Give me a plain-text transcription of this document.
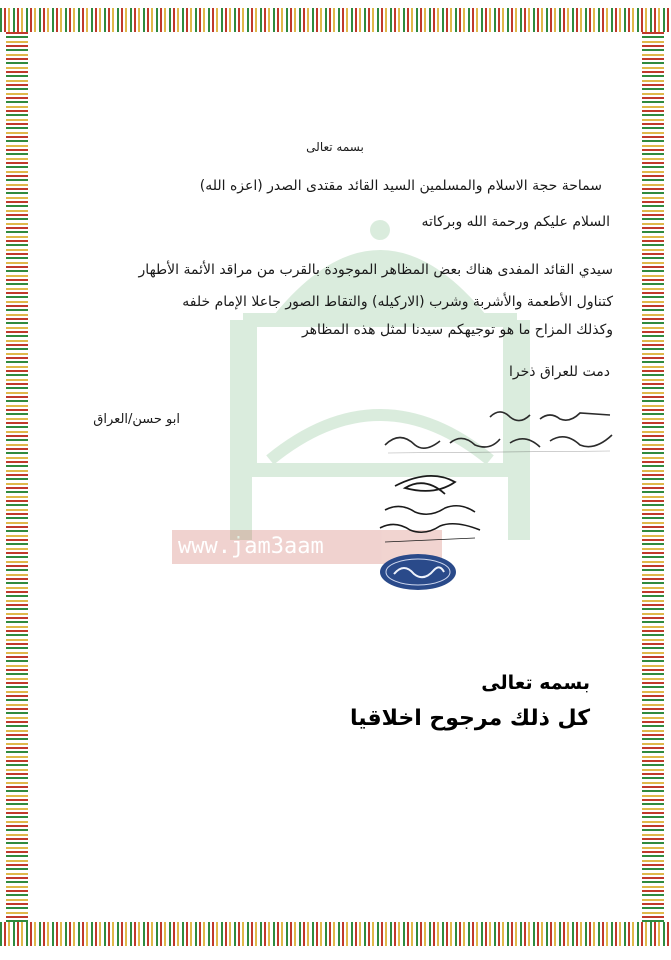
www.jam3aam
بسمه تعالى
سماحة حجة الاسلام والمسلمين السيد القائد مقتدى الصدر (اعزه الله)
السلام عليكم ورحمة الله وبركاته
سيدي القائد المفدى هناك بعض المظاهر الموجودة بالقرب من مراقد الأئمة الأطهار
كتناول الأطعمة والأشربة وشرب (الاركيله) والتقاط الصور جاعلا الإمام خلفه
وكذلك المزاح ما هو توجيهكم سيدنا لمثل هذه المظاهر
دمت للعراق ذخرا
ابو حسن/العراق
بسمه تعالى
كل ذلك مرجوح اخلاقيا
